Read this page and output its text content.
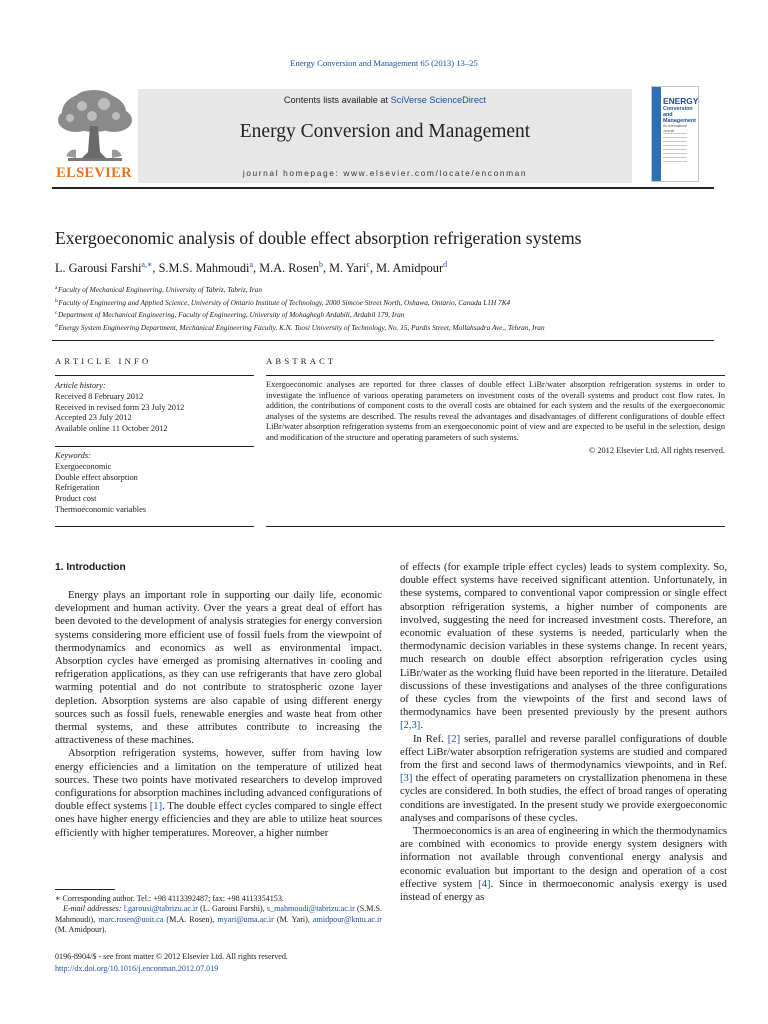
Energy Conversion and Management 65 (2013) 13–25
ELSEVIER
Contents lists available at SciVerse ScienceDirect
Energy Conversion and Management
journal homepage: www.elsevier.com/locate/enconman
ENERGY
Conversion and Management
An International Journal
Exergoeconomic analysis of double effect absorption refrigeration systems
L. Garousi Farshi$^{a,∗}$, S.M.S. Mahmoudi$^a$, M.A. Rosen$^b$, M. Yari$^c$, M. Amidpour$^d$
$^a$ Faculty of Mechanical Engineering, University of Tabriz, Tabriz, Iran
$^b$ Faculty of Engineering and Applied Science, University of Ontario Institute of Technology, 2000 Simcoe Street North, Oshawa, Ontario, Canada L1H 7K4
$^c$ Department of Mechanical Engineering, Faculty of Engineering, University of Mohaghegh Ardabili, Ardabil 179, Iran
$^d$ Energy System Engineering Department, Mechanical Engineering Faculty, K.N. Toosi University of Technology, No. 15, Pardis Street, Mollahsadra Ave., Tehran, Iran
ARTICLE INFO	ABSTRACT
Article history:
Received 8 February 2012
Received in revised form 23 July 2012
Accepted 23 July 2012
Available online 11 October 2012
Keywords:
Exergoeconomic
Double effect absorption
Refrigeration
Product cost
Thermoeconomic variables
Exergoeconomic analyses are reported for three classes of double effect LiBr/water absorption refrigeration systems in order to investigate the influence of various operating parameters on investment costs of the overall systems and product cost flow rates. In addition, the contributions of component costs to the overall costs are obtained for each system and the results of the exergoeconomic analyses of the systems are described. The results reveal the advantages and disadvantages of different configurations of double effect LiBr/water absorption refrigeration systems from an exergoeconomic point of view and are expected to be useful in the selection, design and modification of the structure and operating parameters of such systems.
© 2012 Elsevier Ltd. All rights reserved.
1. Introduction

Energy plays an important role in supporting our daily life, economic development and human activity. Over the years a great deal of effort has been devoted to the development of analysis strategies for energy conversion systems considering more efficient use of fossil fuels from the viewpoint of thermodynamics and economics as well as environmental impact. Absorption cycles have emerged as promising alternatives in cooling and refrigeration applications, as they can use refrigerants that have zero global warming potential and do not contribute to stratospheric ozone layer depletion. Absorption systems are also capable of using different energy sources such as fossil fuels, renewable energies and waste heat from other thermal systems, and these attributes contribute to increasing the attractiveness of these machines.

Absorption refrigeration systems, however, suffer from having low energy efficiencies and a limitation on the temperature of utilized heat sources. These two points have motivated researchers to develop improved configurations for absorption machines including advanced configurations of double effect systems [1]. The double effect cycles compared to single effect ones have higher energy efficiencies and they are able to utilize heat sources efficiently with higher temperatures. Moreover, a higher number

of effects (for example triple effect cycles) leads to system complexity. So, double effect systems have received significant attention. Unfortunately, in these systems, compared to conventional vapor compression or single effect absorption refrigeration systems, a higher number of components are involved, suggesting the need for increased investment costs. Therefore, an economic evaluation of these systems is needed, particularly when the thermodynamic decision variables in these systems change. In recent years, much research on double effect absorption refrigeration cycles using LiBr/water as the working fluid have been reported in the literature. Detailed discussions of these investigations and analyses of the three configurations of these cycles from the viewpoints of the first and second laws of thermodynamics have been presented previously by the present authors [2,3].

In Ref. [2] series, parallel and reverse parallel configurations of double effect LiBr/water absorption refrigeration systems are studied and compared from the first and second laws of thermodynamics viewpoints, and in Ref. [3] the effect of operating parameters on crystallization phenomena in these cycles are considered. In both studies, the effect of broad ranges of operating conditions are investigated. In the present study we provide exergoeconomic analyses and comparisons of these cycles.

Thermoeconomics is an area of engineering in which the thermodynamics are combined with economics to provide energy system designers with information not available through conventional energy analysis and economic evaluation but important to the design and operation of a cost effective system [4]. Since in thermoeconomic analysis exergy is used instead of energy as

∗ Corresponding author. Tel.: +98 4113392487; fax: +98 4113354153.

E-mail addresses: l.garousi@tabrizu.ac.ir (L. Garousi Farshi), s_mahmoudi@tabrizu.ac.ir (S.M.S. Mahmoudi), marc.rosen@uoit.ca (M.A. Rosen), myari@uma.ac.ir (M. Yari), amidpour@kntu.ac.ir (M. Amidpour).

0196-8904/$ - see front matter © 2012 Elsevier Ltd. All rights reserved.
http://dx.doi.org/10.1016/j.enconman.2012.07.019
